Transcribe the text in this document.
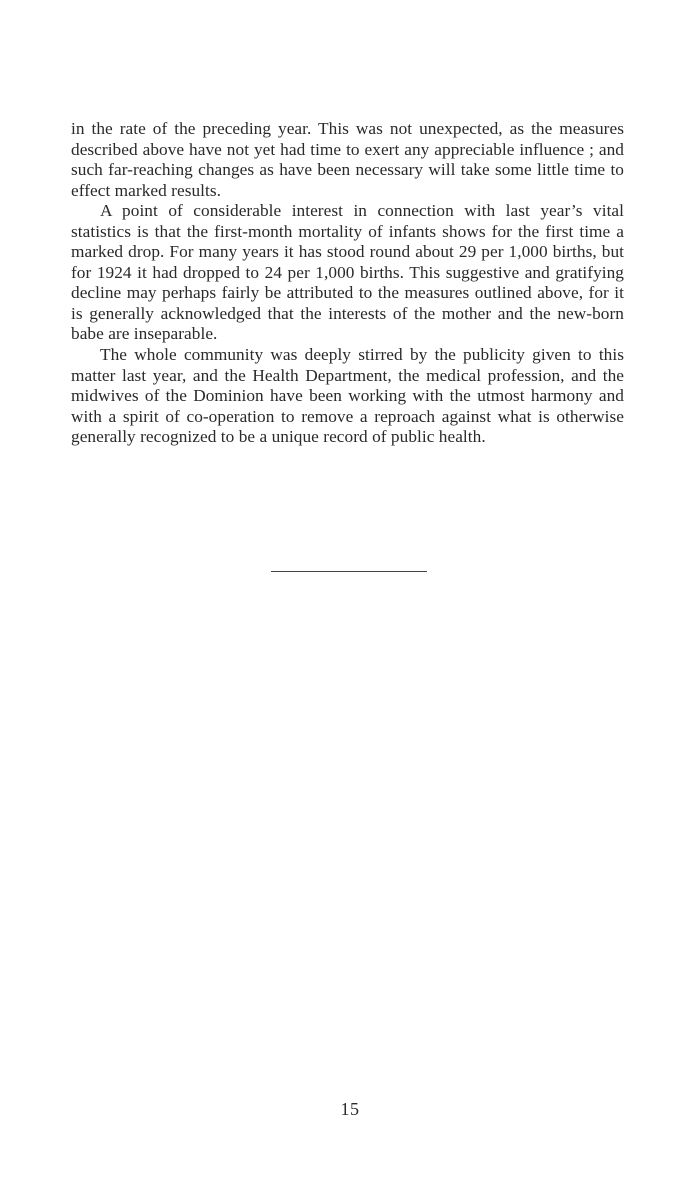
in the rate of the preceding year. This was not unexpected, as the measures described above have not yet had time to exert any appreciable influence ; and such far-reaching changes as have been necessary will take some little time to effect marked results.

A point of considerable interest in connection with last year’s vital statistics is that the first-month mortality of infants shows for the first time a marked drop. For many years it has stood round about 29 per 1,000 births, but for 1924 it had dropped to 24 per 1,000 births. This suggestive and gratifying decline may perhaps fairly be attributed to the measures outlined above, for it is generally acknowledged that the interests of the mother and the new-born babe are inseparable.

The whole community was deeply stirred by the publicity given to this matter last year, and the Health Department, the medical profession, and the midwives of the Dominion have been working with the utmost harmony and with a spirit of co-operation to remove a reproach against what is otherwise generally recognized to be a unique record of public health.

15
